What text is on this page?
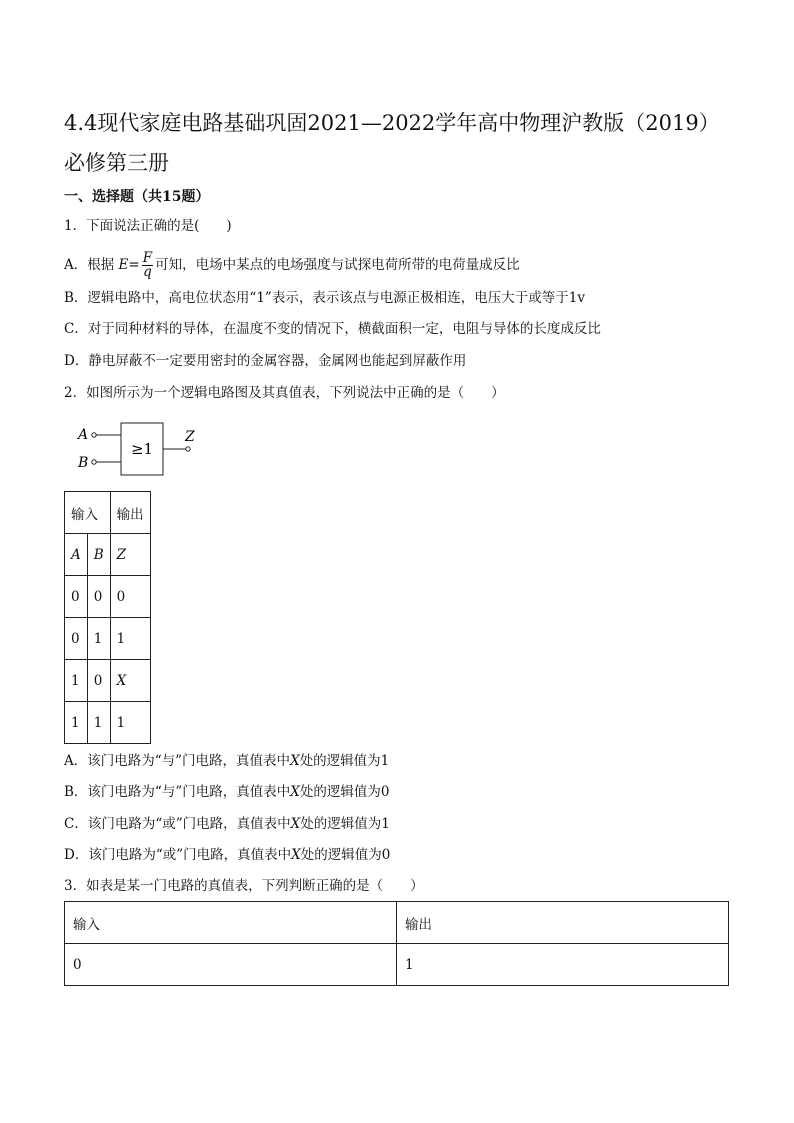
4.4现代家庭电路基础巩固2021—2022学年高中物理沪教版（2019）必修第三册
一、选择题（共15题）

1．下面说法正确的是(　　)

A．根据 $E= \frac{F}{q}$ 可知，电场中某点的电场强度与试探电荷所带的电荷量成反比

B．逻辑电路中，高电位状态用“1”表示，表示该点与电源正极相连，电压大于或等于1v

C．对于同种材料的导体，在温度不变的情况下，横截面积一定，电阻与导体的长度成反比

D．静电屏蔽不一定要用密封的金属容器，金属网也能起到屏蔽作用

2．如图所示为一个逻辑电路图及其真值表，下列说法中正确的是（　　）

A
B
≥1
Z
输入		输出
A	B	Z
0	0	0
0	1	1
1	0	X
1	1	1

A．该门电路为“与”门电路，真值表中X处的逻辑值为1

B．该门电路为“与”门电路，真值表中X处的逻辑值为0

C．该门电路为“或”门电路，真值表中X处的逻辑值为1

D．该门电路为“或”门电路，真值表中X处的逻辑值为0

3．如表是某一门电路的真值表，下列判断正确的是（　　）

输入	输出
0	1
